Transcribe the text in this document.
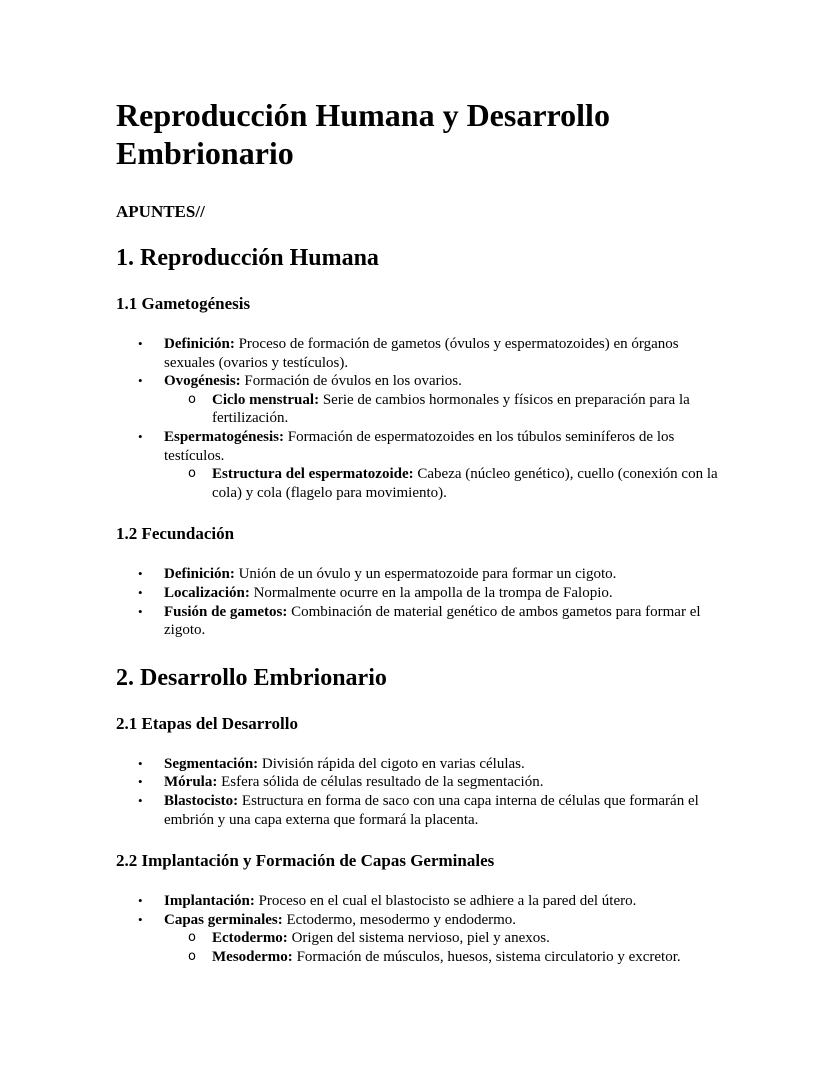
Reproducción Humana y Desarrollo Embrionario
APUNTES//
1. Reproducción Humana
1.1 Gametogénesis
• Definición: Proceso de formación de gametos (óvulos y espermatozoides) en órganos sexuales (ovarios y testículos).
• Ovogénesis: Formación de óvulos en los ovarios.
o Ciclo menstrual: Serie de cambios hormonales y físicos en preparación para la fertilización.
• Espermatogénesis: Formación de espermatozoides en los túbulos seminíferos de los testículos.
o Estructura del espermatozoide: Cabeza (núcleo genético), cuello (conexión con la cola) y cola (flagelo para movimiento).
1.2 Fecundación
• Definición: Unión de un óvulo y un espermatozoide para formar un cigoto.
• Localización: Normalmente ocurre en la ampolla de la trompa de Falopio.
• Fusión de gametos: Combinación de material genético de ambos gametos para formar el zigoto.
2. Desarrollo Embrionario
2.1 Etapas del Desarrollo
• Segmentación: División rápida del cigoto en varias células.
• Mórula: Esfera sólida de células resultado de la segmentación.
• Blastocisto: Estructura en forma de saco con una capa interna de células que formarán el embrión y una capa externa que formará la placenta.
2.2 Implantación y Formación de Capas Germinales
• Implantación: Proceso en el cual el blastocisto se adhiere a la pared del útero.
• Capas germinales: Ectodermo, mesodermo y endodermo.
o Ectodermo: Origen del sistema nervioso, piel y anexos.
o Mesodermo: Formación de músculos, huesos, sistema circulatorio y excretor.
